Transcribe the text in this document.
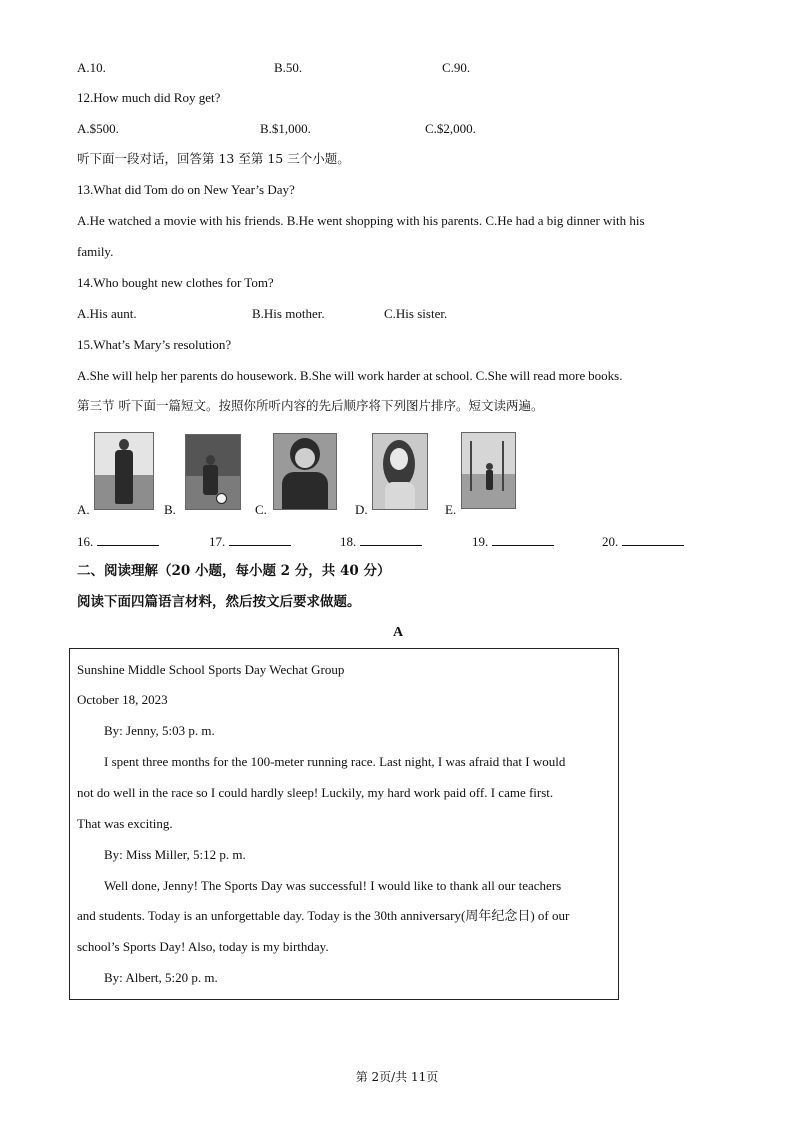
A.10.	B.50.	C.90.
12.How much did Roy get?
A.$500.	B.$1,000.	C.$2,000.
听下面一段对话，回答第 13 至第 15 三个小题。
13.What did Tom do on New Year’s Day?
A.He watched a movie with his friends. B.He went shopping with his parents. C.He had a big dinner with his
family.
14.Who bought new clothes for Tom?
A.His aunt.	B.His mother.	C.His sister.
15.What’s Mary’s resolution?
A.She will help her parents do housework. B.She will work harder at school. C.She will read more books.
第三节 听下面一篇短文。按照你所听内容的先后顺序将下列图片排序。短文读两遍。
A.	B.	C.	D.	E.
16.	17.	18.	19.	20.
二、阅读理解（20 小题，每小题 2 分，共 40 分）
阅读下面四篇语言材料，然后按文后要求做题。
A
Sunshine Middle School Sports Day Wechat Group
October 18, 2023
By: Jenny, 5:03 p. m.
I spent three months for the 100-meter running race. Last night, I was afraid that I would
not do well in the race so I could hardly sleep! Luckily, my hard work paid off. I came first.
That was exciting.
By: Miss Miller, 5:12 p. m.
Well done, Jenny! The Sports Day was successful! I would like to thank all our teachers
and students. Today is an unforgettable day. Today is the 30th anniversary(周年纪念日) of our
school’s Sports Day! Also, today is my birthday.
By: Albert, 5:20 p. m.
第 2页/共 11页
